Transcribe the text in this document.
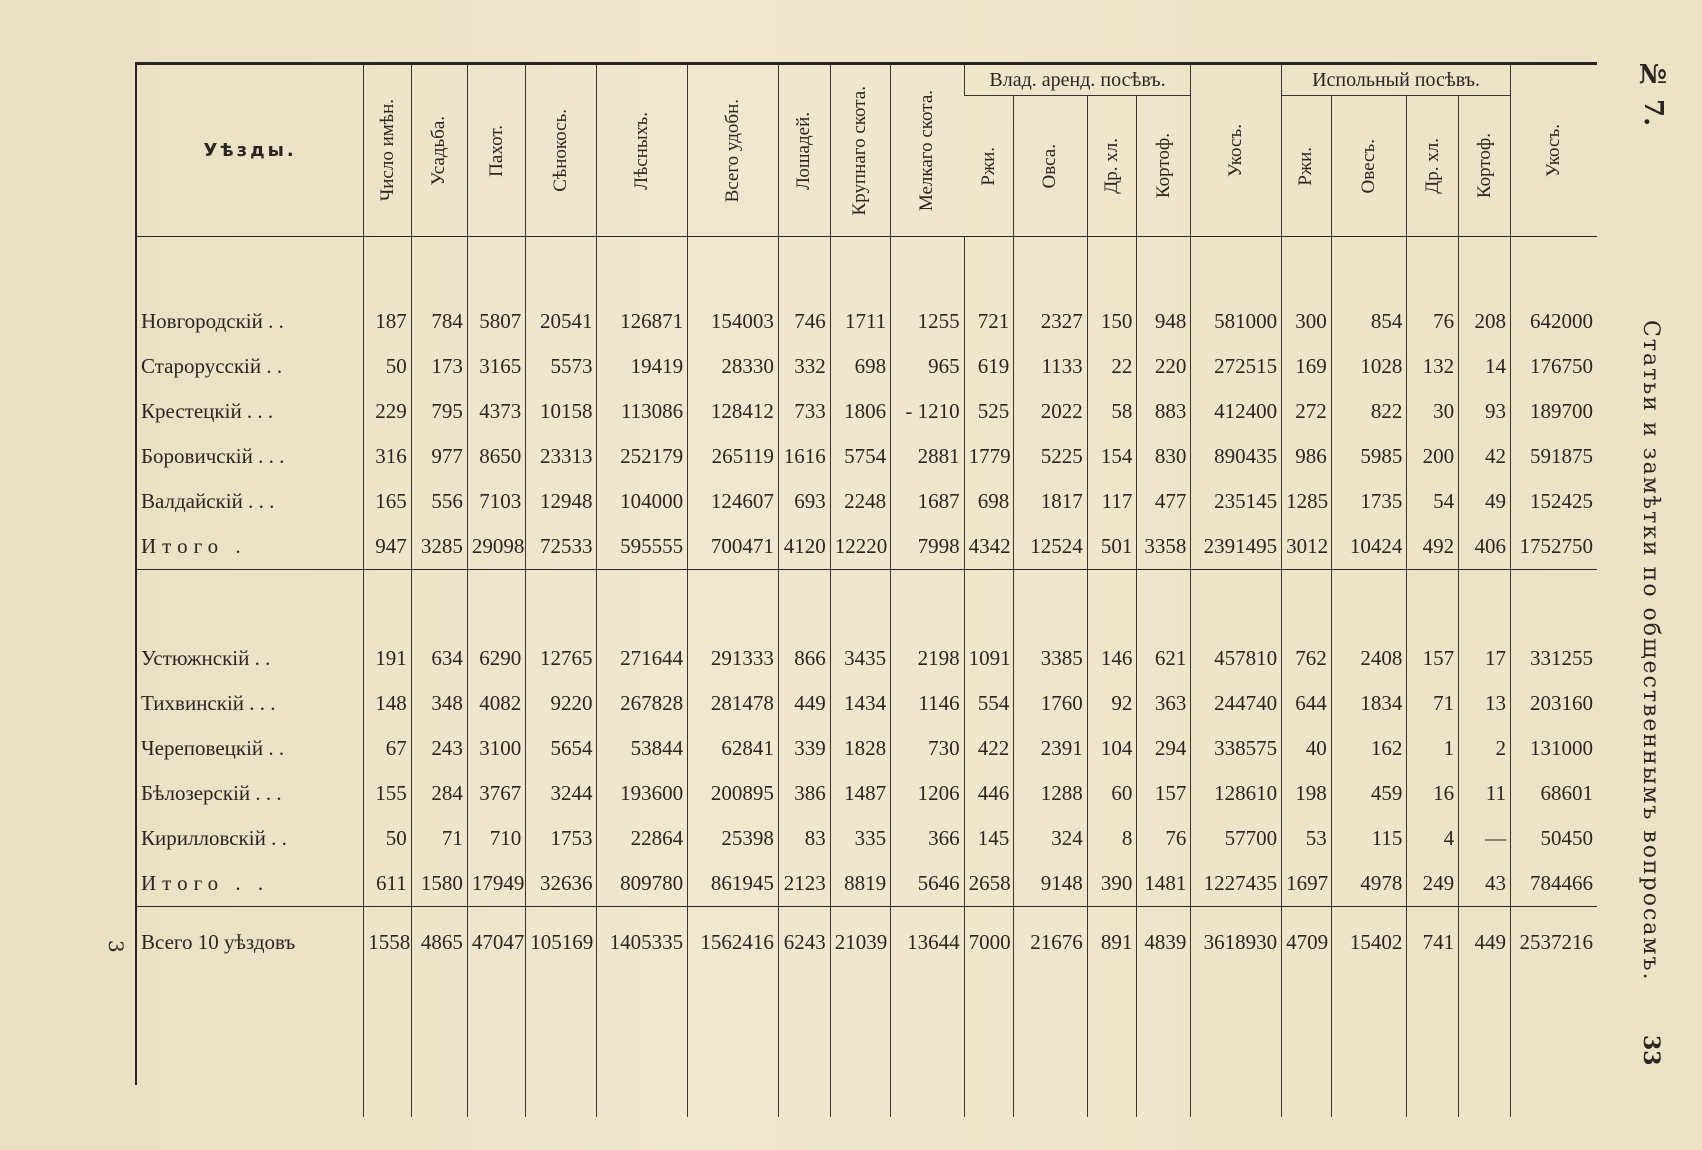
Уѣзды.	Число имѣн.	Усадьба.	Пахот.	Сѣнокось.	Лѣсныхъ.	Всего удобн.	Лошадей.	Крупнаго скота.	Мелкаго скота.	Влад. аренд. посѣвъ.				Укосъ.	Испольный посѣвъ.				Укосъ.

										Ржи.	Овса.	Др. хл.	Кортоф.		Ржи.	Овесъ.	Др. хл.	Кортоф.	

Новгородскій . .	187	784	5807	20541	126871	154003	746	1711	1255	721	2327	150	948	581000	300	854	76	208	642000
Старорусскій . .	50	173	3165	5573	19419	28330	332	698	965	619	1133	22	220	272515	169	1028	132	14	176750
Крестецкій . . .	229	795	4373	10158	113086	128412	733	1806	- 1210	525	2022	58	883	412400	272	822	30	93	189700
Боровичскій . . .	316	977	8650	23313	252179	265119	1616	5754	2881	1779	5225	154	830	890435	986	5985	200	42	591875
Валдайскій . . .	165	556	7103	12948	104000	124607	693	2248	1687	698	1817	117	477	235145	1285	1735	54	49	152425
Итого .	947	3285	29098	72533	595555	700471	4120	12220	7998	4342	12524	501	3358	2391495	3012	10424	492	406	1752750

Устюжнскій . .	191	634	6290	12765	271644	291333	866	3435	2198	1091	3385	146	621	457810	762	2408	157	17	331255
Тихвинскій . . .	148	348	4082	9220	267828	281478	449	1434	1146	554	1760	92	363	244740	644	1834	71	13	203160
Череповецкій . .	67	243	3100	5654	53844	62841	339	1828	730	422	2391	104	294	338575	40	162	1	2	131000
Бѣлозерскій . . .	155	284	3767	3244	193600	200895	386	1487	1206	446	1288	60	157	128610	198	459	16	11	68601
Кирилловскій . .	50	71	710	1753	22864	25398	83	335	366	145	324	8	76	57700	53	115	4	—	50450
Итого . .	611	1580	17949	32636	809780	861945	2123	8819	5646	2658	9148	390	1481	1227435	1697	4978	249	43	784466
Всего 10 уѣздовъ	1558	4865	47047	105169	1405335	1562416	6243	21039	13644	7000	21676	891	4839	3618930	4709	15402	741	449	2537216

№ 7.
Статьи и замѣтки по общественнымъ вопросамъ.
33
3
